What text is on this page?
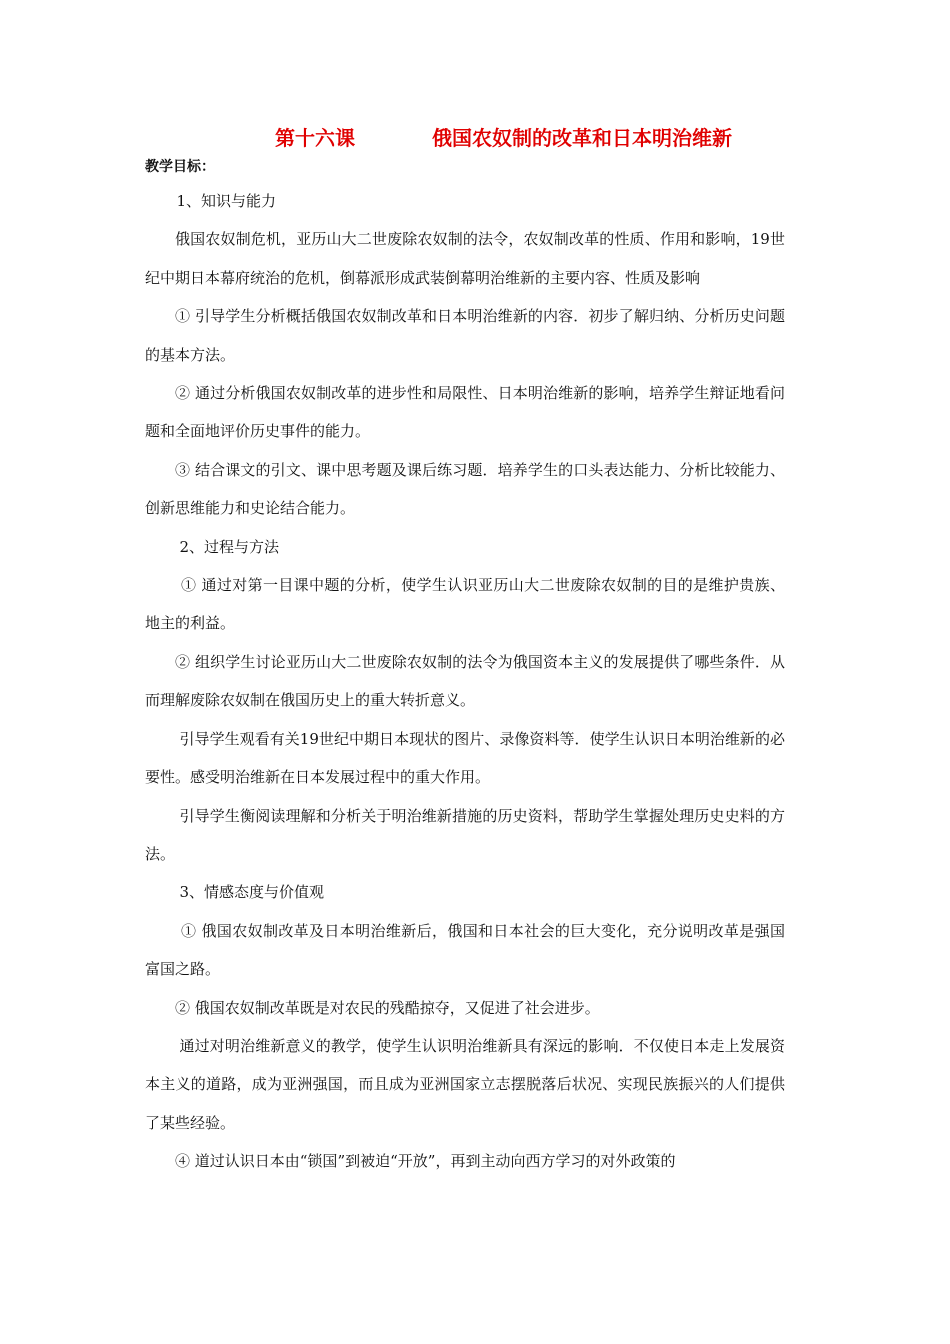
第十六课	俄国农奴制的改革和日本明治维新
教学目标：

1、知识与能力

俄国农奴制危机，亚历山大二世废除农奴制的法令，农奴制改革的性质、作用和影响，19世纪中期日本幕府统治的危机，倒幕派形成武装倒幕明治维新的主要内容、性质及影响

① 引导学生分析概括俄国农奴制改革和日本明治维新的内容．初步了解归纳、分析历史问题的基本方法。

② 通过分析俄国农奴制改革的进步性和局限性、日本明治维新的影响，培养学生辩证地看问题和全面地评价历史事件的能力。

③ 结合课文的引文、课中思考题及课后练习题．培养学生的口头表达能力、分析比较能力、创新思维能力和史论结合能力。

2、过程与方法

① 通过对第一目课中题的分析，使学生认识亚历山大二世废除农奴制的目的是维护贵族、地主的利益。

② 组织学生讨论亚历山大二世废除农奴制的法令为俄国资本主义的发展提供了哪些条件．从而理解废除农奴制在俄国历史上的重大转折意义。

引导学生观看有关19世纪中期日本现状的图片、录像资料等．使学生认识日本明治维新的必要性。感受明治维新在日本发展过程中的重大作用。

引导学生衡阅读理解和分析关于明治维新措施的历史资料，帮助学生掌握处理历史史料的方法。

3、情感态度与价值观

① 俄国农奴制改革及日本明治维新后，俄国和日本社会的巨大变化，充分说明改革是强国富国之路。

② 俄国农奴制改革既是对农民的残酷掠夺，又促进了社会进步。

通过对明治维新意义的教学，使学生认识明治维新具有深远的影响．不仅使日本走上发展资本主义的道路，成为亚洲强国，而且成为亚洲国家立志摆脱落后状况、实现民族振兴的人们提供了某些经验。

④ 道过认识日本由“锁国”到被迫“开放”，再到主动向西方学习的对外政策的
